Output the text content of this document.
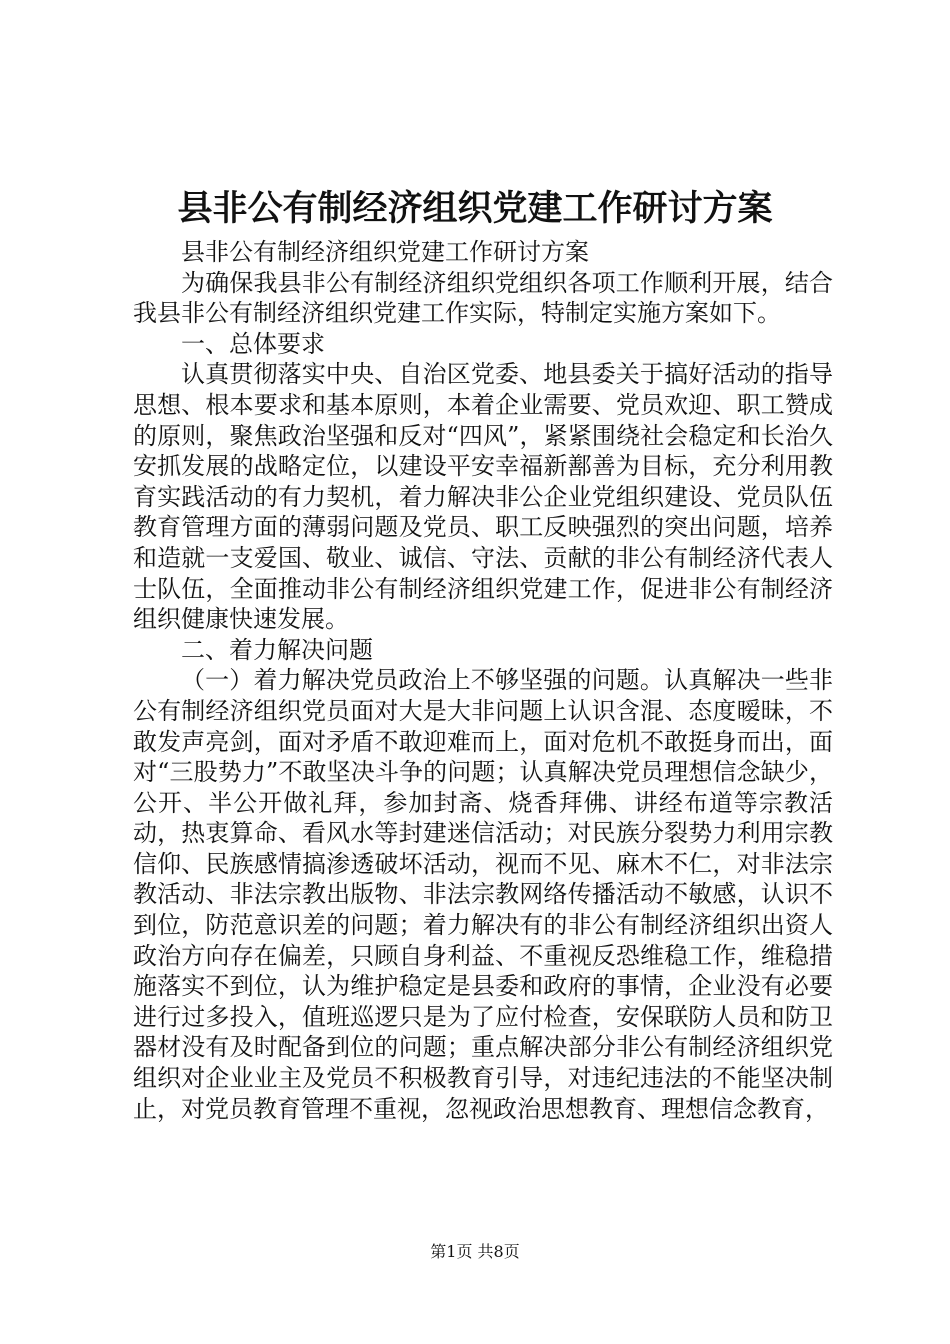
县非公有制经济组织党建工作研讨方案

县非公有制经济组织党建工作研讨方案

为确保我县非公有制经济组织党组织各项工作顺利开展，结合我县非公有制经济组织党建工作实际，特制定实施方案如下。

一、总体要求

认真贯彻落实中央、自治区党委、地县委关于搞好活动的指导思想、根本要求和基本原则，本着企业需要、党员欢迎、职工赞成的原则，聚焦政治坚强和反对“四风”，紧紧围绕社会稳定和长治久安抓发展的战略定位，以建设平安幸福新鄯善为目标，充分利用教育实践活动的有力契机，着力解决非公企业党组织建设、党员队伍教育管理方面的薄弱问题及党员、职工反映强烈的突出问题，培养和造就一支爱国、敬业、诚信、守法、贡献的非公有制经济代表人士队伍，全面推动非公有制经济组织党建工作，促进非公有制经济组织健康快速发展。

二、着力解决问题

（一）着力解决党员政治上不够坚强的问题。认真解决一些非公有制经济组织党员面对大是大非问题上认识含混、态度暧昧，不敢发声亮剑，面对矛盾不敢迎难而上，面对危机不敢挺身而出，面对“三股势力”不敢坚决斗争的问题；认真解决党员理想信念缺少，公开、半公开做礼拜，参加封斋、烧香拜佛、讲经布道等宗教活动，热衷算命、看风水等封建迷信活动；对民族分裂势力利用宗教信仰、民族感情搞渗透破坏活动，视而不见、麻木不仁，对非法宗教活动、非法宗教出版物、非法宗教网络传播活动不敏感，认识不到位，防范意识差的问题；着力解决有的非公有制经济组织出资人政治方向存在偏差，只顾自身利益、不重视反恐维稳工作，维稳措施落实不到位，认为维护稳定是县委和政府的事情，企业没有必要进行过多投入，值班巡逻只是为了应付检查，安保联防人员和防卫器材没有及时配备到位的问题；重点解决部分非公有制经济组织党组织对企业业主及党员不积极教育引导，对违纪违法的不能坚决制止，对党员教育管理不重视，忽视政治思想教育、理想信念教育，

第1页 共8页
